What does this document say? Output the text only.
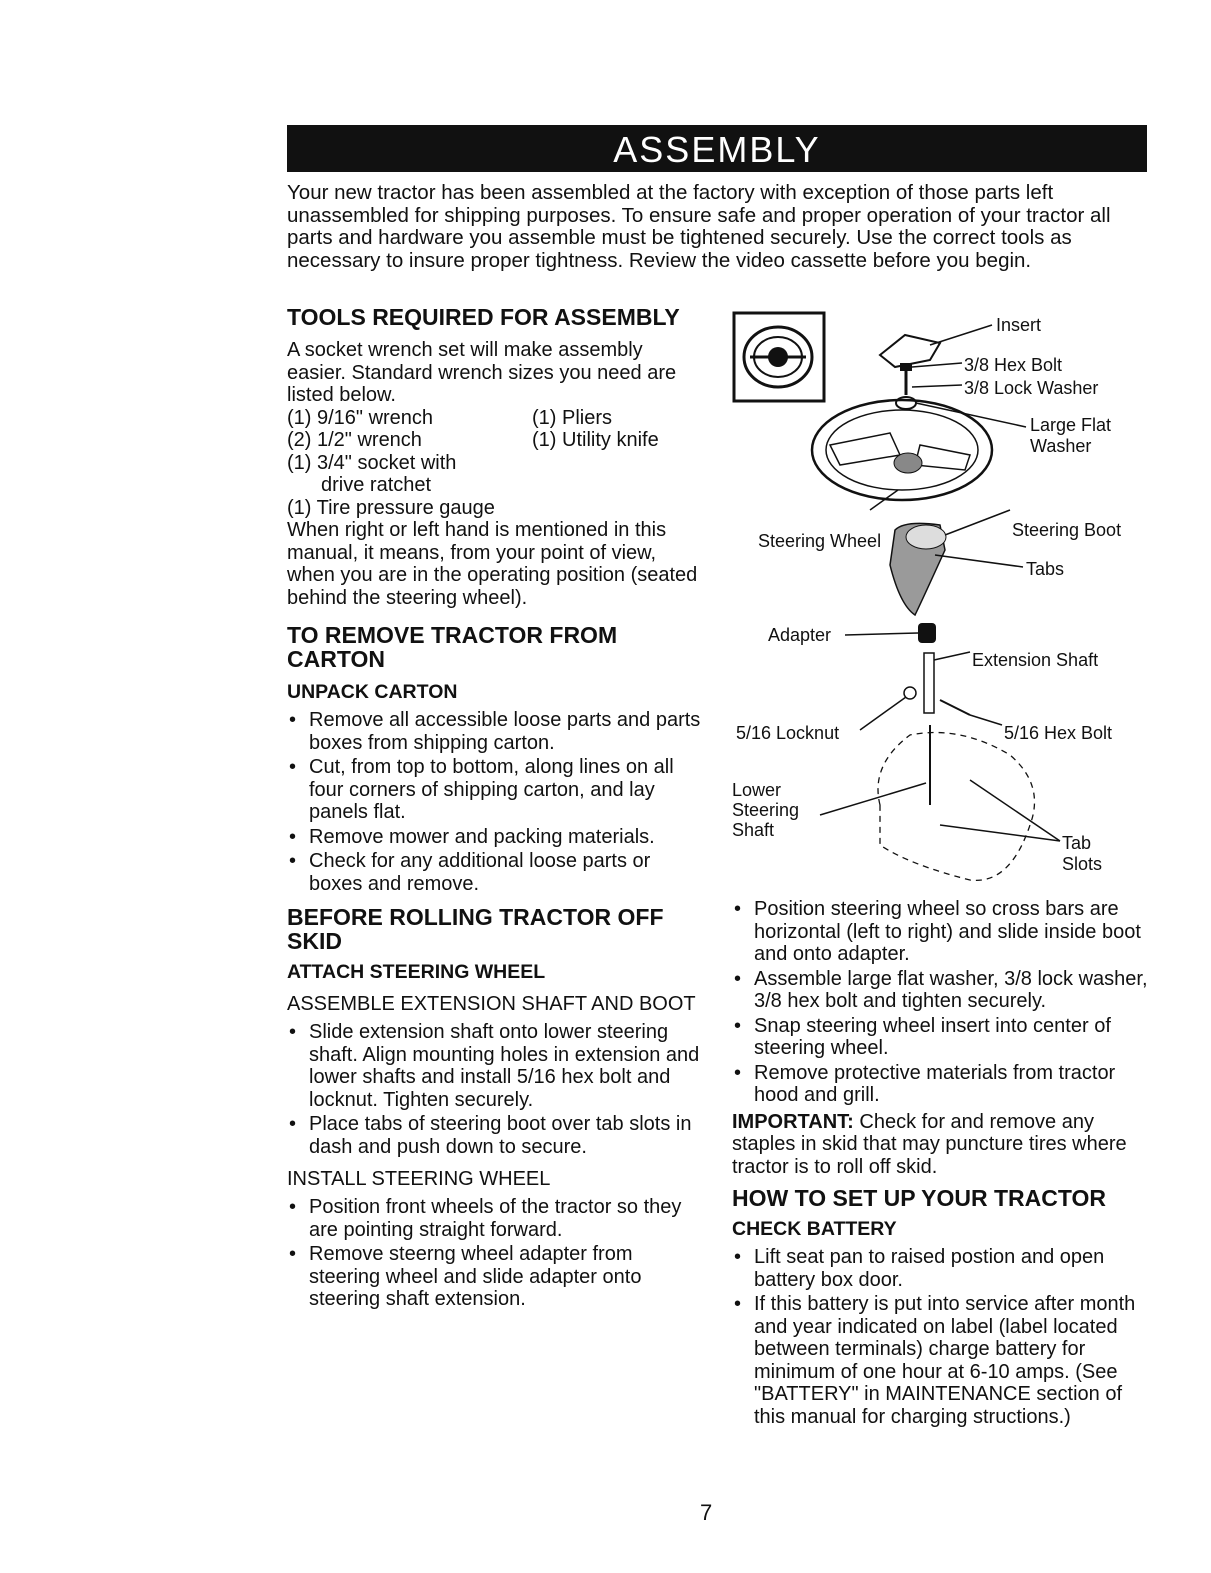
ASSEMBLY

Your new tractor has been assembled at the factory with exception of those parts left unassembled for shipping purposes. To ensure safe and proper operation of your tractor all parts and hardware you assemble must be tightened securely. Use the correct tools as necessary to insure proper tightness. Review the video cassette before you begin.

TOOLS REQUIRED FOR ASSEMBLY

A socket wrench set will make assembly easier. Standard wrench sizes you need are listed below.

(1) 9/16" wrench	(1) Pliers
(2) 1/2" wrench	(1) Utility knife
(1) 3/4" socket with
drive ratchet
(1) Tire pressure gauge

When right or left hand is mentioned in this manual, it means, from your point of view, when you are in the operating position (seated behind the steering wheel).

TO REMOVE TRACTOR FROM CARTON
UNPACK CARTON
• Remove all accessible loose parts and parts boxes from shipping carton.
• Cut, from top to bottom, along lines on all four corners of shipping carton, and lay panels flat.
• Remove mower and packing materials.
• Check for any additional loose parts or boxes and remove.
BEFORE ROLLING TRACTOR OFF SKID
ATTACH STEERING WHEEL
ASSEMBLE EXTENSION SHAFT AND BOOT
• Slide extension shaft onto lower steering shaft. Align mounting holes in extension and lower shafts and install 5/16 hex bolt and locknut. Tighten securely.
• Place tabs of steering boot over tab slots in dash and push down to secure.
INSTALL STEERING WHEEL
• Position front wheels of the tractor so they are pointing straight forward.
• Remove steerng wheel adapter from steering wheel and slide adapter onto steering shaft extension.
Insert
3/8 Hex Bolt
3/8 Lock Washer
Large Flat
Washer
Steering Wheel
Steering Boot
Tabs
Adapter
Extension Shaft
5/16 Locknut	5/16 Hex Bolt
Lower
Steering
Shaft
Tab
Slots
• Position steering wheel so cross bars are horizontal (left to right) and slide inside boot and onto adapter.
• Assemble large flat washer, 3/8 lock washer, 3/8 hex bolt and tighten securely.
• Snap steering wheel insert into center of steering wheel.
• Remove protective materials from tractor hood and grill.

IMPORTANT: Check for and remove any staples in skid that may puncture tires where tractor is to roll off skid.

HOW TO SET UP YOUR TRACTOR
CHECK BATTERY
• Lift seat pan to raised postion and open battery box door.
• If this battery is put into service after month and year indicated on label (label located between terminals) charge battery for minimum of one hour at 6-10 amps. (See "BATTERY" in MAINTENANCE section of this manual for charging structions.)
7
